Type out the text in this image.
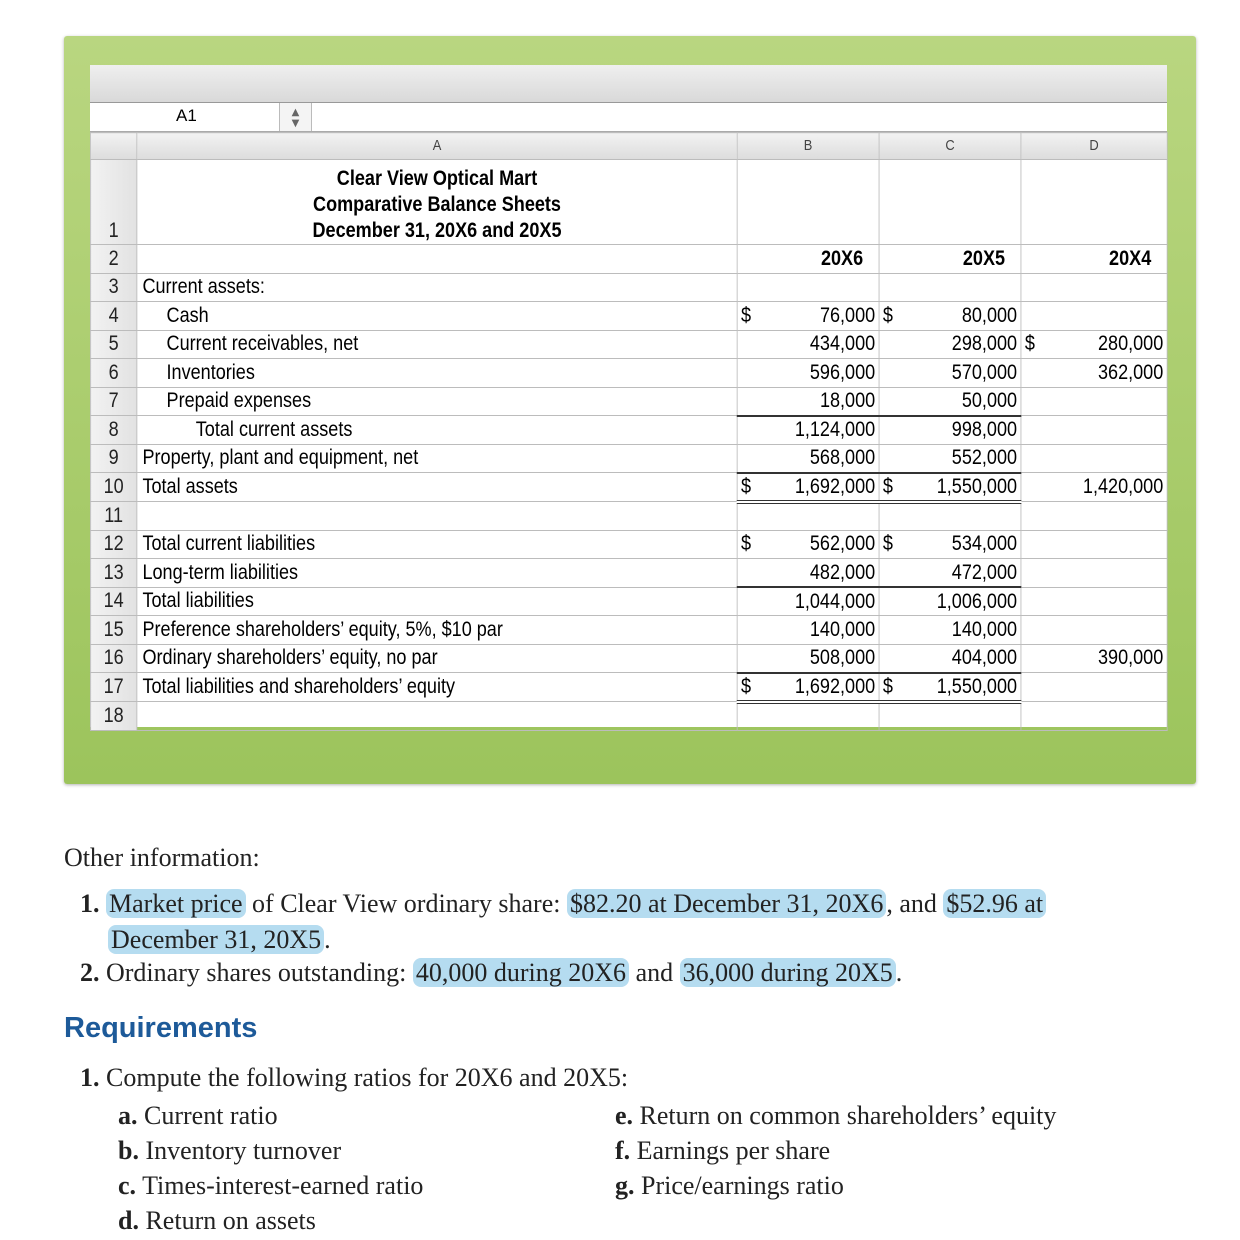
A1	▲
▼
	A	B	C	D
1	Clear View Optical Mart
Comparative Balance Sheets
December 31, 20X6 and 20X5			

2		20X6	20X5	20X4
3	Current assets:			
4	Cash	$ 76,000	$ 80,000	

5	Current receivables, net	434,000	298,000	$ 280,000

6	Inventories	596,000	570,000	362,000

7	Prepaid expenses	18,000	50,000	

8	Total current assets	1,124,000	998,000	

9	Property, plant and equipment, net	568,000	552,000	

10	Total assets	$ 1,692,000	$ 1,550,000	1,420,000

11				
12	Total current liabilities	$ 562,000	$ 534,000	

13	Long-term liabilities	482,000	472,000	

14	Total liabilities	1,044,000	1,006,000	

15	Preference shareholders’ equity, 5%, $10 par	140,000	140,000	

16	Ordinary shareholders’ equity, no par	508,000	404,000	390,000

17	Total liabilities and shareholders’ equity	$ 1,692,000	$ 1,550,000	

18				
Other information:
1. Market price of Clear View ordinary share: $82.20 at December 31, 20X6 , and $52.96 at
December 31, 20X5 .
2. Ordinary shares outstanding: 40,000 during 20X6 and 36,000 during 20X5 .
Requirements
1. Compute the following ratios for 20X6 and 20X5:
a. Current ratio
b. Inventory turnover
c. Times-interest-earned ratio
d. Return on assets
e. Return on common shareholders’ equity
f. Earnings per share
g. Price/earnings ratio
